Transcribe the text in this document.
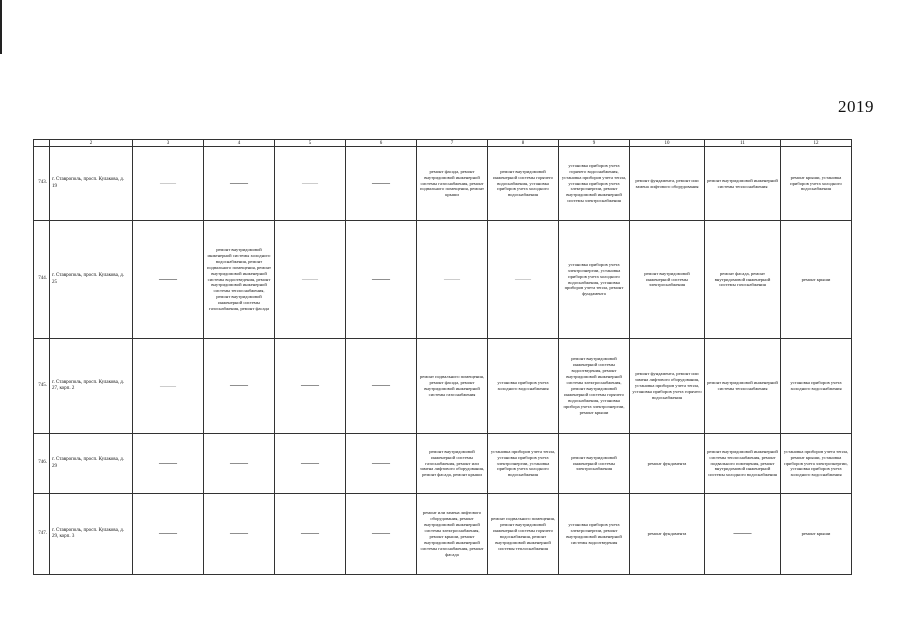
2019
	2	3	4	5	6	7	8	9	10	11	12
743.	г. Ставрополь, просп. Кулакова, д. 19	——	——	——	——	ремонт фасада, ремонт внутридомовой инженерной системы газоснабжения, ремонт подвального помещения, ремонт крыши	ремонт внутридомовой инженерной системы горячего водоснабжения, установка приборов учета холодного водоснабжения	установка приборов учета горячего водоснабжения, установка приборов учета тепла, установка приборов учета электроэнергии, ремонт внутридомовой инженерной системы электроснабжения	ремонт фундамента, ремонт или замена лифтового оборудования	ремонт внутридомовой инженерной системы теплоснабжения	ремонт крыши, установка приборов учета холодного водоснабжения
744.	г. Ставрополь, просп. Кулакова, д. 25	——	ремонт внутридомовой инженерной системы холодного водоснабжения, ремонт подвального помещения, ремонт внутридомовой инженерной системы водоотведения, ремонт внутридомовой инженерной системы теплоснабжения, ремонт внутридомовой инженерной системы газоснабжения, ремонт фасада	——	——	——	——	установка приборов учета электроэнергии, установка приборов учета холодного водоснабжения, установка приборов учета тепла, ремонт фундамента	ремонт внутридомовой инженерной системы электроснабжения	ремонт фасада, ремонт внутридомовой инженерной системы газоснабжения	ремонт крыши
745.	г. Ставрополь, просп. Кулакова, д. 27, корп. 2	——	——	——	——	ремонт подвального помещения, ремонт фасада, ремонт внутридомовой инженерной системы газоснабжения	установка приборов учета холодного водоснабжения	ремонт внутридомовой инженерной системы водоотведения, ремонт внутридомовой инженерной системы электроснабжения, ремонт внутридомовой инженерной системы горячего водоснабжения, установка прибора учета электроэнергии, ремонт крыши	ремонт фундамента, ремонт или замена лифтового оборудования, установка приборов учета тепла, установка приборов учета горячего водоснабжения	ремонт внутридомовой инженерной системы теплоснабжения	установка приборов учета холодного водоснабжения
746.	г. Ставрополь, просп. Кулакова, д. 29	——	——	——	——	ремонт внутридомовой инженерной системы газоснабжения, ремонт или замена лифтового оборудования, ремонт фасада, ремонт крыши	установка приборов учета тепла, установка приборов учета электроэнергии, установка приборов учета холодного водоснабжения	ремонт внутридомовой инженерной системы электроснабжения	ремонт фундамента	ремонт внутридомовой инженерной системы теплоснабжения, ремонт подвального помещения, ремонт внутридомовой инженерной системы холодного водоснабжения	установка приборов учета тепла, ремонт крыши, установка приборов учета электроэнергии, установка приборов учета холодного водоснабжения
747.	г. Ставрополь, просп. Кулакова, д. 29, корп. 3	——	——	——	——	ремонт или замена лифтового оборудования, ремонт внутридомовой инженерной системы электроснабжения, ремонт крыши, ремонт внутридомовой инженерной системы газоснабжения, ремонт фасада	ремонт подвального помещения, ремонт внутридомовой инженерной системы горячего водоснабжения, ремонт внутридомовой инженерной системы теплоснабжения	установка приборов учета электроэнергии, ремонт внутридомовой инженерной системы водоотведения	ремонт фундамента	——	ремонт крыши
